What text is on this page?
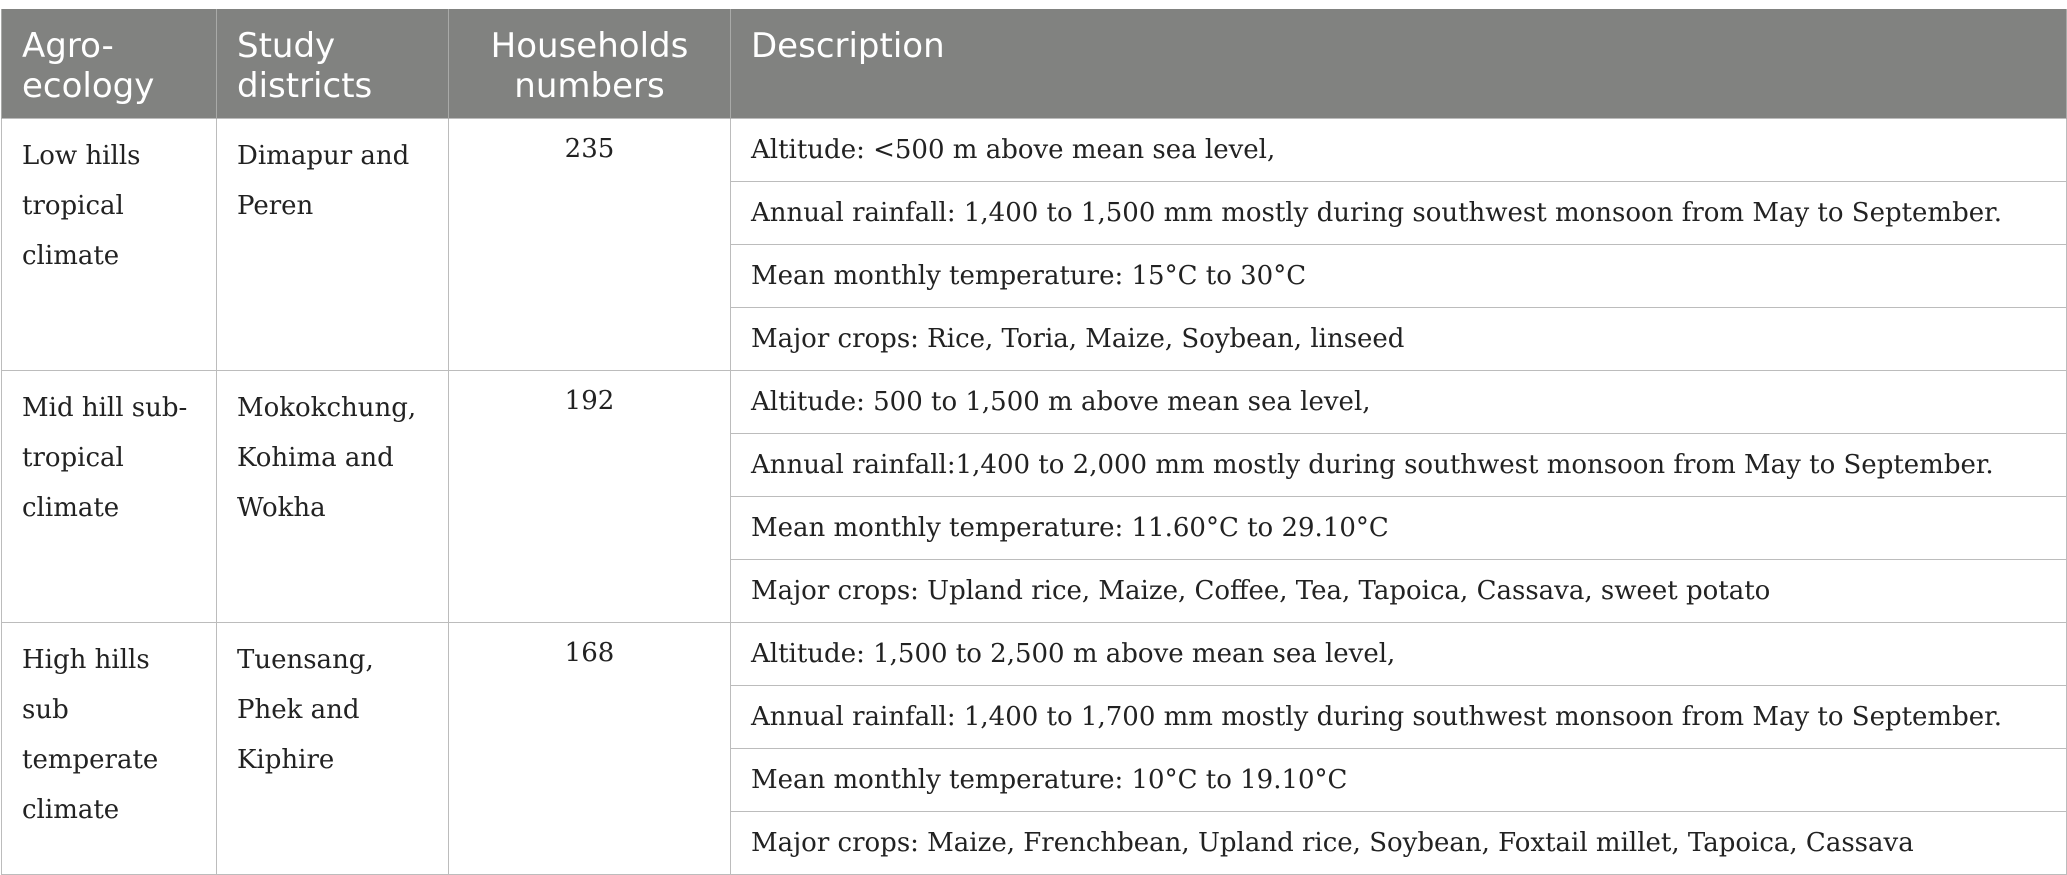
Agro-ecology	Study districts	Households numbers	Description
Low hills tropical climate	Dimapur and Peren	235	Altitude: <500 m above mean sea level,
			Annual rainfall: 1,400 to 1,500 mm mostly during southwest monsoon from May to September.
			Mean monthly temperature: 15°C to 30°C
			Major crops: Rice, Toria, Maize, Soybean, linseed
Mid hill sub-tropical climate	Mokokchung, Kohima and Wokha	192	Altitude: 500 to 1,500 m above mean sea level,
			Annual rainfall:1,400 to 2,000 mm mostly during southwest monsoon from May to September.
			Mean monthly temperature: 11.60°C to 29.10°C
			Major crops: Upland rice, Maize, Coffee, Tea, Tapoica, Cassava, sweet potato
High hills sub temperate climate	Tuensang, Phek and Kiphire	168	Altitude: 1,500 to 2,500 m above mean sea level,
			Annual rainfall: 1,400 to 1,700 mm mostly during southwest monsoon from May to September.
			Mean monthly temperature: 10°C to 19.10°C
			Major crops: Maize, Frenchbean, Upland rice, Soybean, Foxtail millet, Tapoica, Cassava
